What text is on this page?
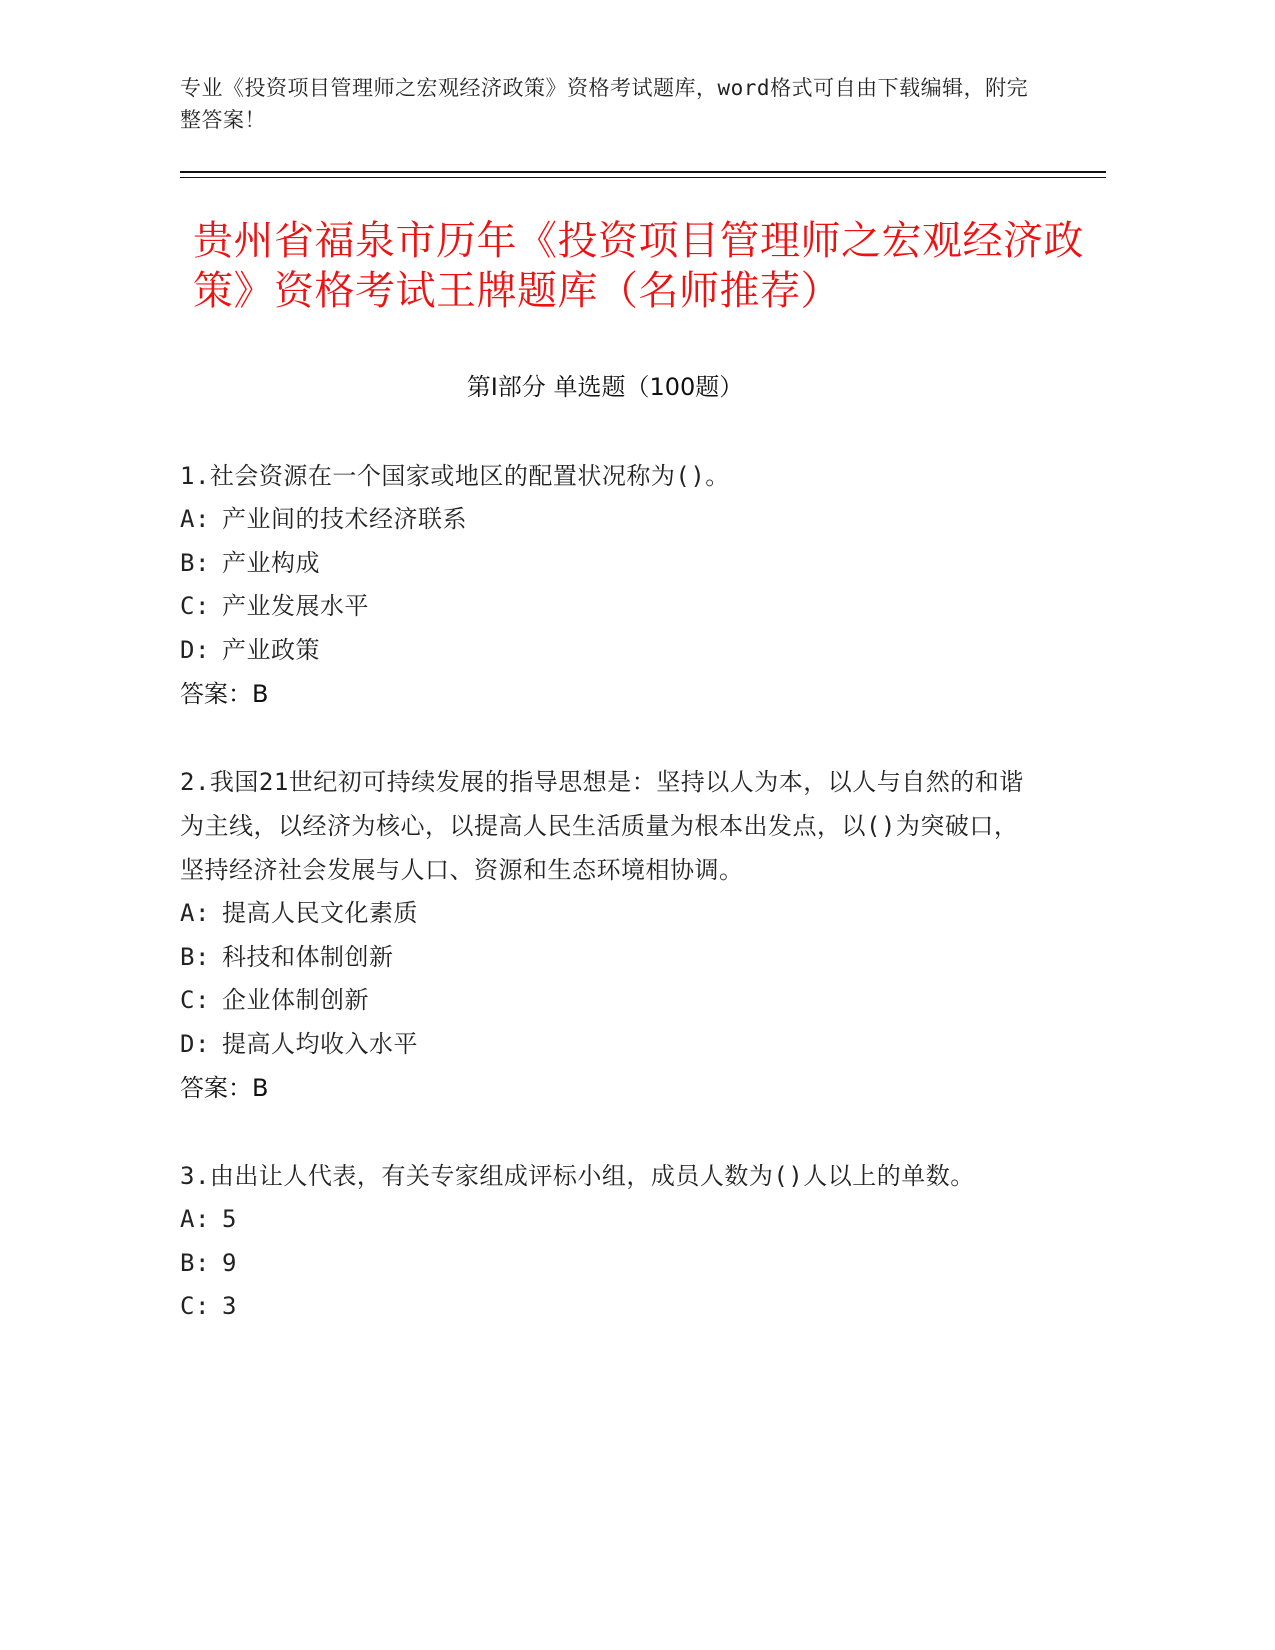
专业《投资项目管理师之宏观经济政策》资格考试题库，word格式可自由下载编辑，附完整答案！
贵州省福泉市历年《投资项目管理师之宏观经济政策》资格考试王牌题库（名师推荐）
第Ⅰ部分 单选题（100题）
1.社会资源在一个国家或地区的配置状况称为()。
A: 产业间的技术经济联系
B: 产业构成
C: 产业发展水平
D: 产业政策
答案：B
2.我国21世纪初可持续发展的指导思想是：坚持以人为本，以人与自然的和谐为主线，以经济为核心，以提高人民生活质量为根本出发点，以()为突破口，坚持经济社会发展与人口、资源和生态环境相协调。
A: 提高人民文化素质
B: 科技和体制创新
C: 企业体制创新
D: 提高人均收入水平
答案：B
3.由出让人代表，有关专家组成评标小组，成员人数为()人以上的单数。
A: 5
B: 9
C: 3
